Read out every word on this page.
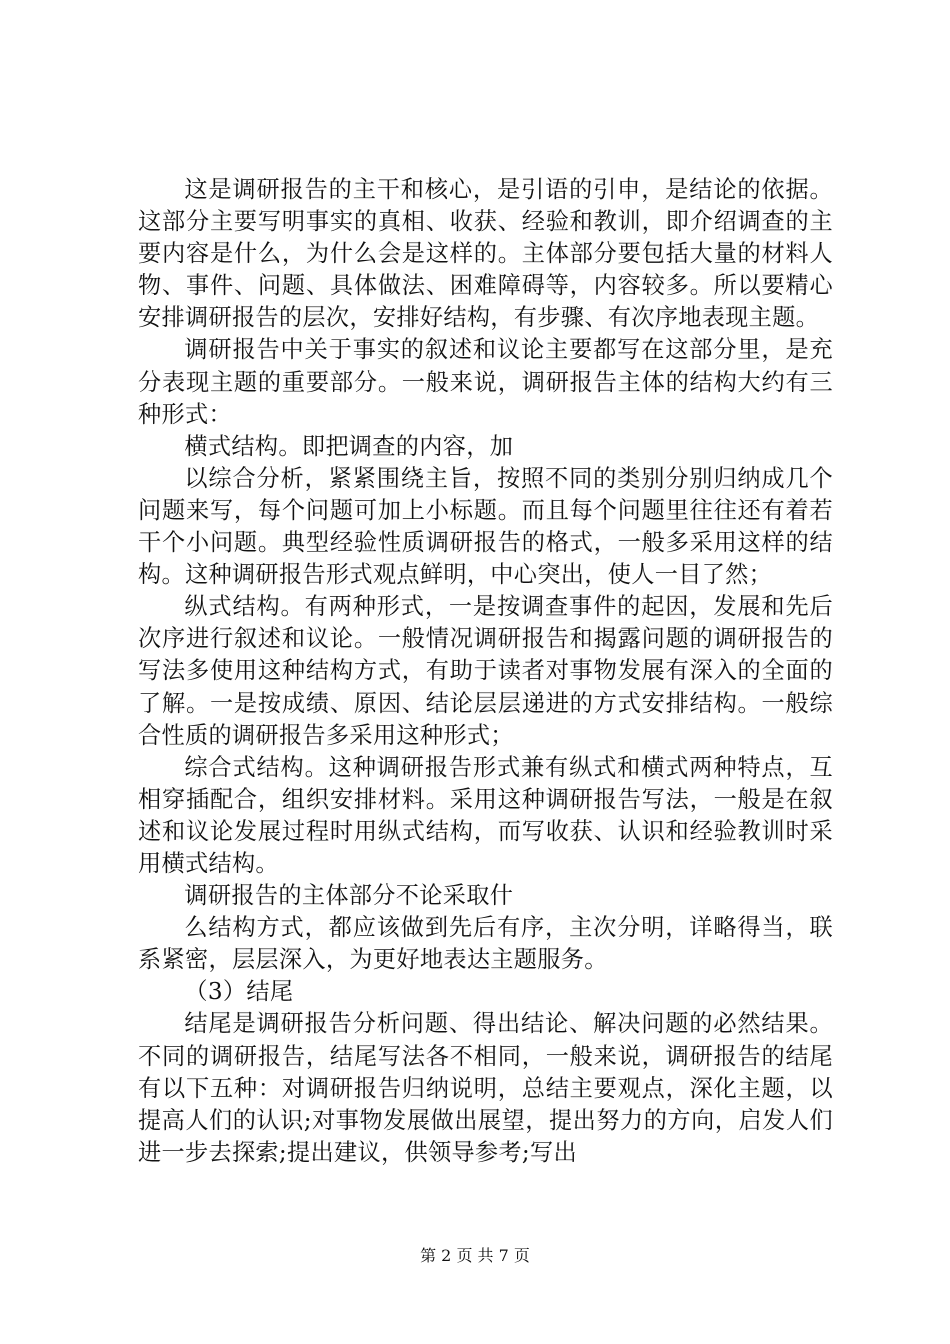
这是调研报告的主干和核心，是引语的引申，是结论的依据。这部分主要写明事实的真相、收获、经验和教训，即介绍调查的主要内容是什么，为什么会是这样的。主体部分要包括大量的材料人物、事件、问题、具体做法、困难障碍等，内容较多。所以要精心安排调研报告的层次，安排好结构，有步骤、有次序地表现主题。

调研报告中关于事实的叙述和议论主要都写在这部分里，是充分表现主题的重要部分。一般来说，调研报告主体的结构大约有三种形式：

横式结构。即把调查的内容，加

以综合分析，紧紧围绕主旨，按照不同的类别分别归纳成几个问题来写，每个问题可加上小标题。而且每个问题里往往还有着若干个小问题。典型经验性质调研报告的格式，一般多采用这样的结构。这种调研报告形式观点鲜明，中心突出，使人一目了然；

纵式结构。有两种形式，一是按调查事件的起因，发展和先后次序进行叙述和议论。一般情况调研报告和揭露问题的调研报告的写法多使用这种结构方式，有助于读者对事物发展有深入的全面的了解。一是按成绩、原因、结论层层递进的方式安排结构。一般综合性质的调研报告多采用这种形式；

综合式结构。这种调研报告形式兼有纵式和横式两种特点，互相穿插配合，组织安排材料。采用这种调研报告写法，一般是在叙述和议论发展过程时用纵式结构，而写收获、认识和经验教训时采用横式结构。

调研报告的主体部分不论采取什

么结构方式，都应该做到先后有序，主次分明，详略得当，联系紧密，层层深入，为更好地表达主题服务。

（3）结尾

结尾是调研报告分析问题、得出结论、解决问题的必然结果。不同的调研报告，结尾写法各不相同，一般来说，调研报告的结尾有以下五种：对调研报告归纳说明，总结主要观点，深化主题，以提高人们的认识;对事物发展做出展望，提出努力的方向，启发人们进一步去探索;提出建议，供领导参考;写出

第 2 页 共 7 页
